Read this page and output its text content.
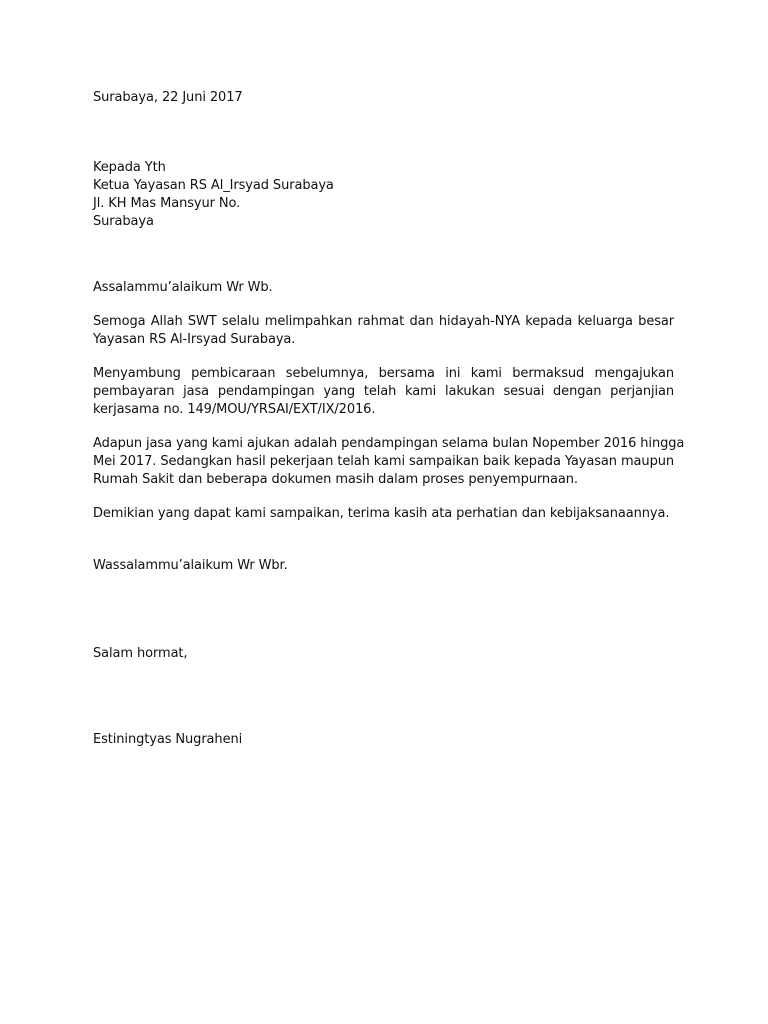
Surabaya, 22 Juni 2017
Kepada Yth
Ketua Yayasan RS Al_Irsyad Surabaya
Jl. KH Mas Mansyur No.
Surabaya
Assalammu’alaikum Wr Wb.
Semoga Allah SWT selalu melimpahkan rahmat dan hidayah-NYA kepada keluarga besar
Yayasan RS Al-Irsyad Surabaya.
Menyambung pembicaraan sebelumnya, bersama ini kami bermaksud mengajukan
pembayaran jasa pendampingan yang telah kami lakukan sesuai dengan perjanjian
kerjasama no. 149/MOU/YRSAI/EXT/IX/2016.
Adapun jasa yang kami ajukan adalah pendampingan selama bulan Nopember 2016 hingga
Mei 2017. Sedangkan hasil pekerjaan telah kami sampaikan baik kepada Yayasan maupun
Rumah Sakit dan beberapa dokumen masih dalam proses penyempurnaan.
Demikian yang dapat kami sampaikan, terima kasih ata perhatian dan kebijaksanaannya.
Wassalammu’alaikum Wr Wbr.
Salam hormat,
Estiningtyas Nugraheni
